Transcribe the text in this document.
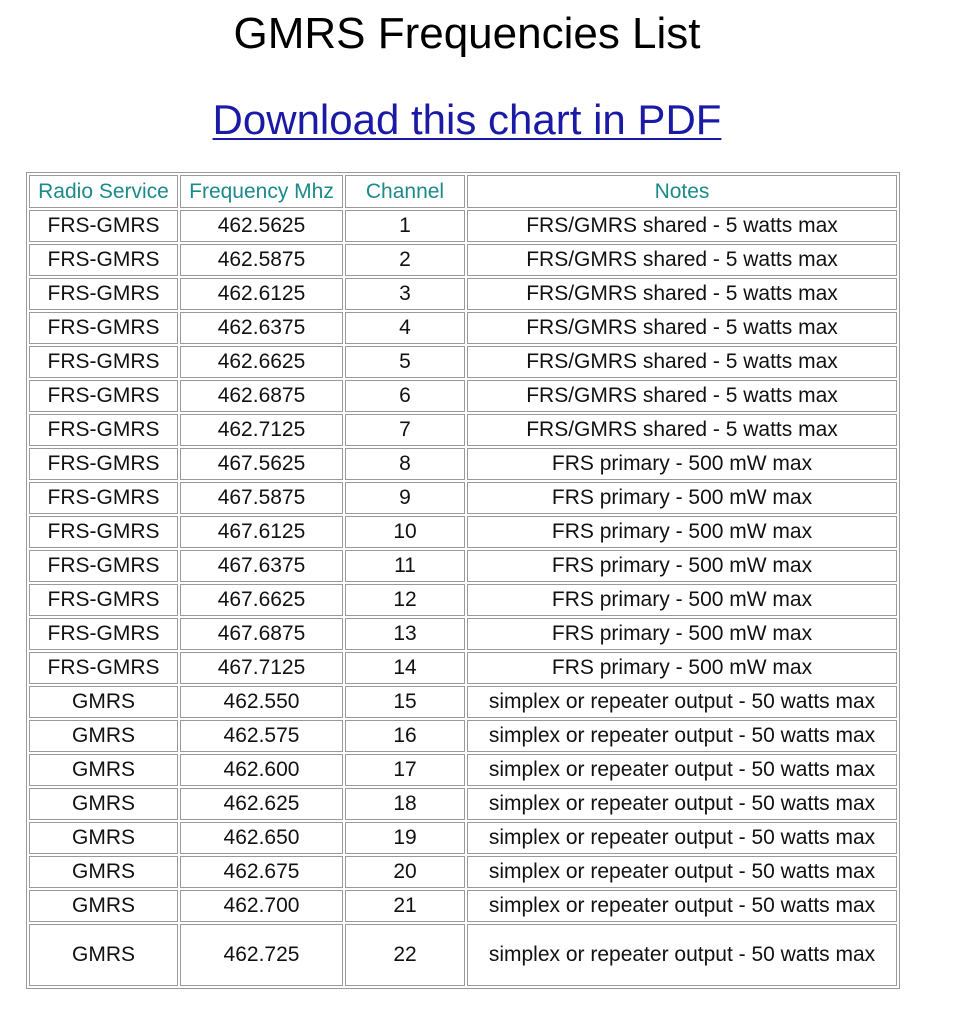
GMRS Frequencies List
Download this chart in PDF
Radio Service	Frequency Mhz	Channel	Notes
FRS-GMRS	462.5625	1	FRS/GMRS shared - 5 watts max
FRS-GMRS	462.5875	2	FRS/GMRS shared - 5 watts max
FRS-GMRS	462.6125	3	FRS/GMRS shared - 5 watts max
FRS-GMRS	462.6375	4	FRS/GMRS shared - 5 watts max
FRS-GMRS	462.6625	5	FRS/GMRS shared - 5 watts max
FRS-GMRS	462.6875	6	FRS/GMRS shared - 5 watts max
FRS-GMRS	462.7125	7	FRS/GMRS shared - 5 watts max
FRS-GMRS	467.5625	8	FRS primary - 500 mW max
FRS-GMRS	467.5875	9	FRS primary - 500 mW max
FRS-GMRS	467.6125	10	FRS primary - 500 mW max
FRS-GMRS	467.6375	11	FRS primary - 500 mW max
FRS-GMRS	467.6625	12	FRS primary - 500 mW max
FRS-GMRS	467.6875	13	FRS primary - 500 mW max
FRS-GMRS	467.7125	14	FRS primary - 500 mW max
GMRS	462.550	15	simplex or repeater output - 50 watts max
GMRS	462.575	16	simplex or repeater output - 50 watts max
GMRS	462.600	17	simplex or repeater output - 50 watts max
GMRS	462.625	18	simplex or repeater output - 50 watts max
GMRS	462.650	19	simplex or repeater output - 50 watts max
GMRS	462.675	20	simplex or repeater output - 50 watts max
GMRS	462.700	21	simplex or repeater output - 50 watts max
GMRS	462.725	22	simplex or repeater output - 50 watts max
